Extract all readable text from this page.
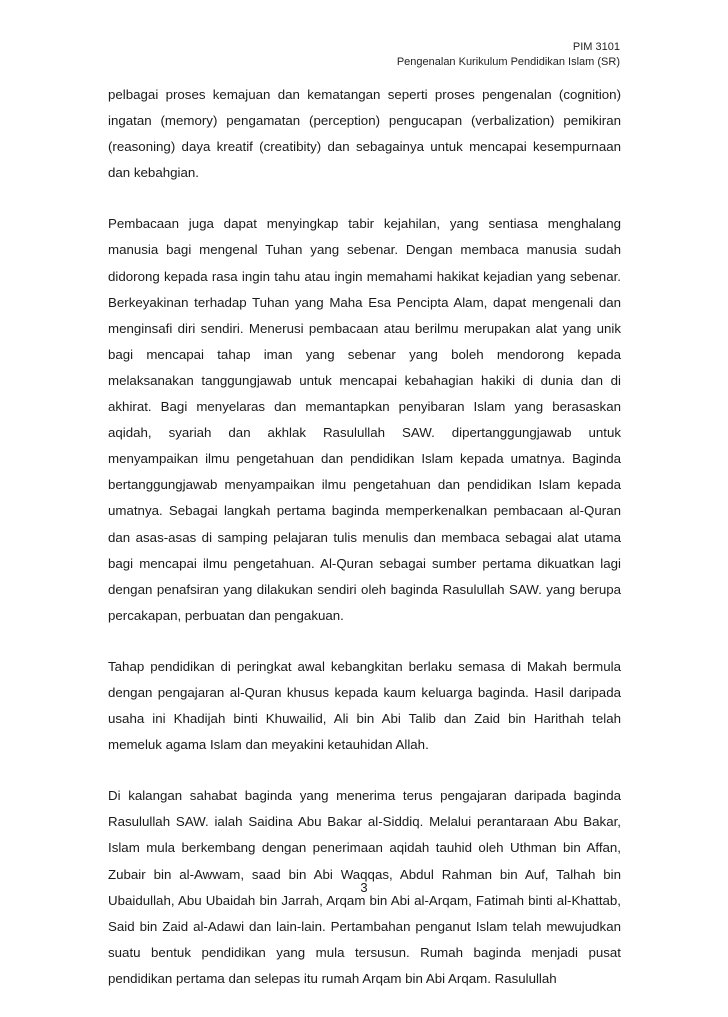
PIM 3101
Pengenalan Kurikulum Pendidikan Islam (SR)

pelbagai proses kemajuan dan kematangan seperti proses pengenalan (cognition) ingatan (memory) pengamatan (perception) pengucapan (verbalization) pemikiran (reasoning) daya kreatif (creatibity) dan sebagainya untuk mencapai kesempurnaan dan kebahgian.

Pembacaan juga dapat menyingkap tabir kejahilan, yang sentiasa menghalang manusia bagi mengenal Tuhan yang sebenar. Dengan membaca manusia sudah didorong kepada rasa ingin tahu atau ingin memahami hakikat kejadian yang sebenar. Berkeyakinan terhadap Tuhan yang Maha Esa Pencipta Alam, dapat mengenali dan menginsafi diri sendiri. Menerusi pembacaan atau berilmu merupakan alat yang unik bagi mencapai tahap iman yang sebenar yang boleh mendorong kepada melaksanakan tanggungjawab untuk mencapai kebahagian hakiki di dunia dan di akhirat. Bagi menyelaras dan memantapkan penyibaran Islam yang berasaskan aqidah, syariah dan akhlak Rasulullah SAW. dipertanggungjawab untuk menyampaikan ilmu pengetahuan dan pendidikan Islam kepada umatnya. Baginda bertanggungjawab menyampaikan ilmu pengetahuan dan pendidikan Islam kepada umatnya. Sebagai langkah pertama baginda memperkenalkan pembacaan al-Quran dan asas-asas di samping pelajaran tulis menulis dan membaca sebagai alat utama bagi mencapai ilmu pengetahuan. Al-Quran sebagai sumber pertama dikuatkan lagi dengan penafsiran yang dilakukan sendiri oleh baginda Rasulullah SAW. yang berupa percakapan, perbuatan dan pengakuan.

Tahap pendidikan di peringkat awal kebangkitan berlaku semasa di Makah bermula dengan pengajaran al-Quran khusus kepada kaum keluarga baginda. Hasil daripada usaha ini Khadijah binti Khuwailid, Ali bin Abi Talib dan Zaid bin Harithah telah memeluk agama Islam dan meyakini ketauhidan Allah.

Di kalangan sahabat baginda yang menerima terus pengajaran daripada baginda Rasulullah SAW. ialah Saidina Abu Bakar al-Siddiq. Melalui perantaraan Abu Bakar, Islam mula berkembang dengan penerimaan aqidah tauhid oleh Uthman bin Affan, Zubair bin al-Awwam, saad bin Abi Waqqas, Abdul Rahman bin Auf, Talhah bin Ubaidullah, Abu Ubaidah bin Jarrah, Arqam bin Abi al-Arqam, Fatimah binti al-Khattab, Said bin Zaid al-Adawi dan lain-lain. Pertambahan penganut Islam telah mewujudkan suatu bentuk pendidikan yang mula tersusun. Rumah baginda menjadi pusat pendidikan pertama dan selepas itu rumah Arqam bin Abi Arqam. Rasulullah

3
